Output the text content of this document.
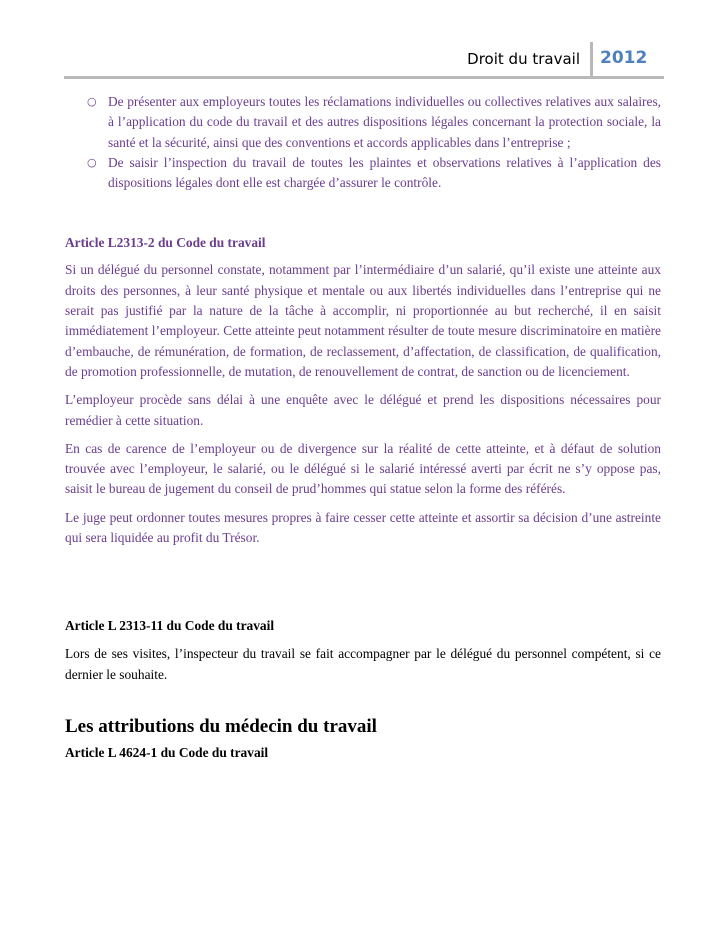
Droit du travail 2012
○ De présenter aux employeurs toutes les réclamations individuelles ou collectives relatives aux salaires, à l’application du code du travail et des autres dispositions légales concernant la protection sociale, la santé et la sécurité, ainsi que des conventions et accords applicables dans l’entreprise ;
○ De saisir l’inspection du travail de toutes les plaintes et observations relatives à l’application des dispositions légales dont elle est chargée d’assurer le contrôle.
Article L2313-2 du Code du travail

Si un délégué du personnel constate, notamment par l’intermédiaire d’un salarié, qu’il existe une atteinte aux droits des personnes, à leur santé physique et mentale ou aux libertés individuelles dans l’entreprise qui ne serait pas justifié par la nature de la tâche à accomplir, ni proportionnée au but recherché, il en saisit immédiatement l’employeur. Cette atteinte peut notamment résulter de toute mesure discriminatoire en matière d’embauche, de rémunération, de formation, de reclassement, d’affectation, de classification, de qualification, de promotion professionnelle, de mutation, de renouvellement de contrat, de sanction ou de licenciement.

L’employeur procède sans délai à une enquête avec le délégué et prend les dispositions nécessaires pour remédier à cette situation.

En cas de carence de l’employeur ou de divergence sur la réalité de cette atteinte, et à défaut de solution trouvée avec l’employeur, le salarié, ou le délégué si le salarié intéressé averti par écrit ne s’y oppose pas, saisit le bureau de jugement du conseil de prud’hommes qui statue selon la forme des référés.

Le juge peut ordonner toutes mesures propres à faire cesser cette atteinte et assortir sa décision d’une astreinte qui sera liquidée au profit du Trésor.

Article L 2313-11 du Code du travail

Lors de ses visites, l’inspecteur du travail se fait accompagner par le délégué du personnel compétent, si ce dernier le souhaite.

Les attributions du médecin du travail
Article L 4624-1 du Code du travail
